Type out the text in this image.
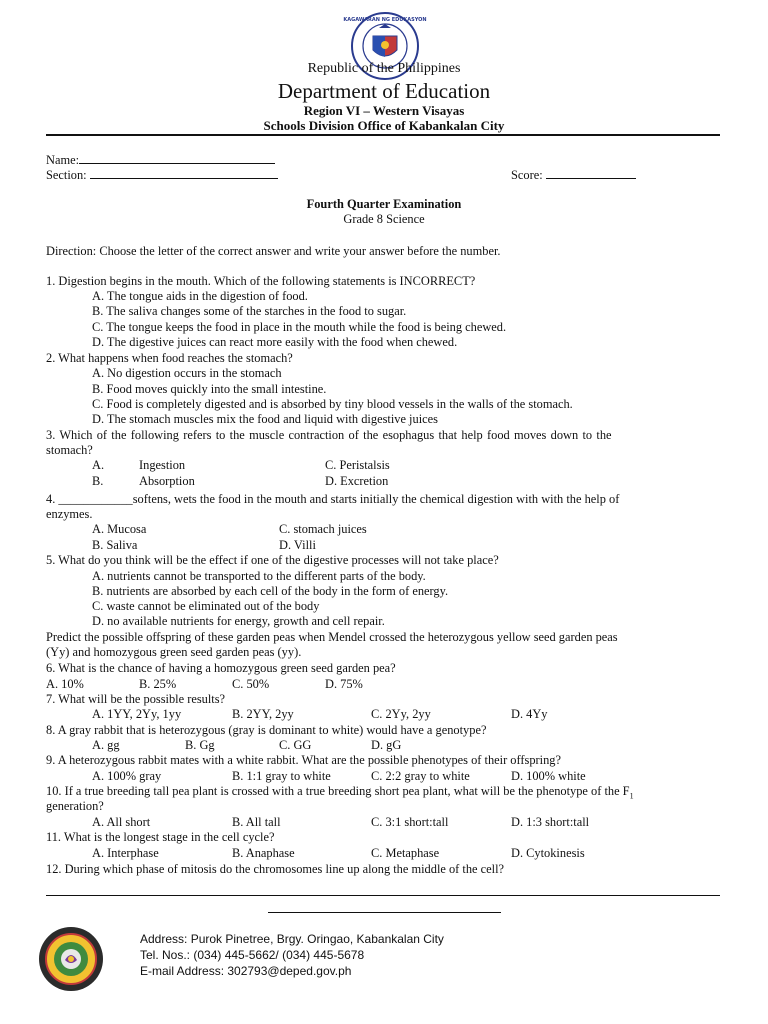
KAGAWARAN NG EDUKASYON
Republic of the Philippines
Department of Education
Region VI – Western Visayas
Schools Division Office of Kabankalan City
Name:
Section:	Score:
Fourth Quarter Examination
Grade 8 Science
Direction: Choose the letter of the correct answer and write your answer before the number.
1. Digestion begins in the mouth. Which of the following statements is INCORRECT?
A. The tongue aids in the digestion of food.
B. The saliva changes some of the starches in the food to sugar.
C. The tongue keeps the food in place in the mouth while the food is being chewed.
D. The digestive juices can react more easily with the food when chewed.
2. What happens when food reaches the stomach?
A. No digestion occurs in the stomach
B. Food moves quickly into the small intestine.
C. Food is completely digested and is absorbed by tiny blood vessels in the walls of the stomach.
D. The stomach muscles mix the food and liquid with digestive juices
3. Which of the following refers to the muscle contraction of the esophagus that help food moves down to the
stomach?
A.	Ingestion	C. Peristalsis
B.	Absorption	D. Excretion
4. ____________softens, wets the food in the mouth and starts initially the chemical digestion with with the help of
enzymes.
A. Mucosa	C. stomach juices
B. Saliva	D. Villi
5. What do you think will be the effect if one of the digestive processes will not take place?
A. nutrients cannot be transported to the different parts of the body.
B. nutrients are absorbed by each cell of the body in the form of energy.
C. waste cannot be eliminated out of the body
D. no available nutrients for energy, growth and cell repair.
Predict the possible offspring of these garden peas when Mendel crossed the heterozygous yellow seed garden peas
(Yy) and homozygous green seed garden peas (yy).
6. What is the chance of having a homozygous green seed garden pea?
A. 10%	B. 25%	C. 50%	D. 75%
7. What will be the possible results?
A. 1YY, 2Yy, 1yy	B. 2YY, 2yy	C. 2Yy, 2yy	D. 4Yy
8. A gray rabbit that is heterozygous (gray is dominant to white) would have a genotype?
A. gg	B. Gg	C. GG	D. gG
9. A heterozygous rabbit mates with a white rabbit. What are the possible phenotypes of their offspring?
A. 100% gray	B. 1:1 gray to white	C. 2:2 gray to white	D. 100% white
10. If a true breeding tall pea plant is crossed with a true breeding short pea plant, what will be the phenotype of the $F_1$
generation?
A. All short	B. All tall	C. 3:1 short:tall	D. 1:3 short:tall
11. What is the longest stage in the cell cycle?
A. Interphase	B. Anaphase	C. Metaphase	D. Cytokinesis
12. During which phase of mitosis do the chromosomes line up along the middle of the cell?
Address: Purok Pinetree, Brgy. Oringao, Kabankalan City
Tel. Nos.: (034) 445-5662/ (034) 445-5678
E-mail Address: 302793@deped.gov.ph
